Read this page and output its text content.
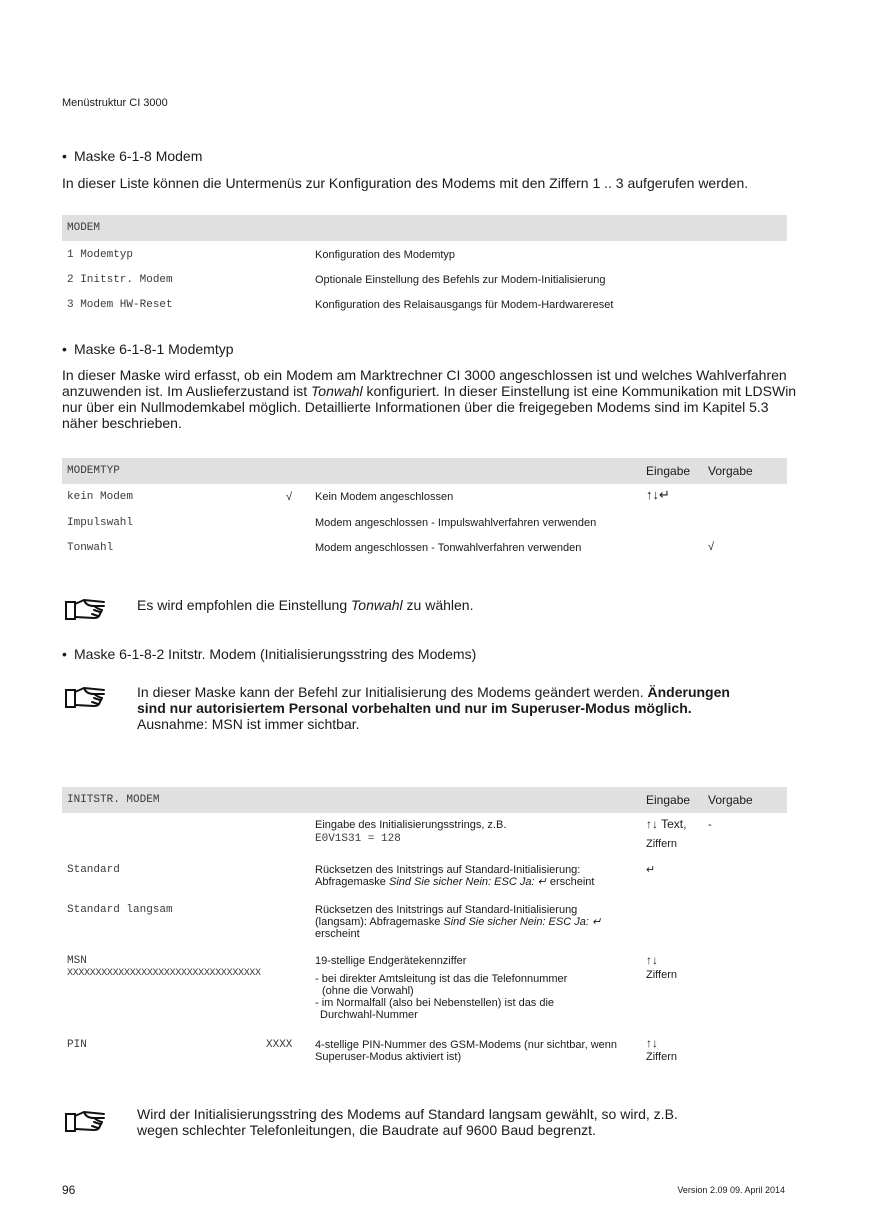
Menüstruktur CI 3000
• Maske 6-1-8 Modem
In dieser Liste können die Untermenüs zur Konfiguration des Modems mit den Ziffern 1 .. 3 aufgerufen werden.
MODEM
1 Modemtyp	Konfiguration des Modemtyp
2 Initstr. Modem	Optionale Einstellung des Befehls zur Modem-Initialisierung
3 Modem HW-Reset	Konfiguration des Relaisausgangs für Modem-Hardwarereset
• Maske 6-1-8-1 Modemtyp
In dieser Maske wird erfasst, ob ein Modem am Marktrechner CI 3000 angeschlossen ist und welches Wahlverfahren anzuwenden ist. Im Auslieferzustand ist Tonwahl konfiguriert. In dieser Einstellung ist eine Kommunikation mit LDSWin nur über ein Nullmodemkabel möglich. Detaillierte Informationen über die freigegeben Modems sind im Kapitel 5.3 näher beschrieben.
MODEMTYP	Eingabe Vorgabe
kein Modem	√ Kein Modem angeschlossen	↑↓↵
Impulswahl	Modem angeschlossen - Impulswahlverfahren verwenden
Tonwahl	Modem angeschlossen - Tonwahlverfahren verwenden	√
Es wird empfohlen die Einstellung Tonwahl zu wählen.
• Maske 6-1-8-2 Initstr. Modem (Initialisierungsstring des Modems)
In dieser Maske kann der Befehl zur Initialisierung des Modems geändert werden. Änderungen sind nur autorisiertem Personal vorbehalten und nur im Superuser-Modus möglich.
Ausnahme: MSN ist immer sichtbar.
INITSTR. MODEM	Eingabe Vorgabe
Eingabe des Initialisierungsstrings, z.B.
E0V1S31 = 128
↑↓ Text,
Ziffern
-
Standard	Rücksetzen des Initstrings auf Standard-Initialisierung: Abfragemaske Sind Sie sicher Nein: ESC Ja: ↵ erscheint
↵
Standard langsam	Rücksetzen des Initstrings auf Standard-Initialisierung (langsam): Abfragemaske Sind Sie sicher Nein: ESC Ja: ↵ erscheint
MSN
XXXXXXXXXXXXXXXXXXXXXXXXXXXXXXXXXX
19-stellige Endgerätekennziffer
- bei direkter Amtsleitung ist das die Telefonnummer
(ohne die Vorwahl)
- im Normalfall (also bei Nebenstellen) ist das die
Durchwahl-Nummer
↑↓
Ziffern
PIN	XXXX 4-stellige PIN-Nummer des GSM-Modems (nur sichtbar, wenn Superuser-Modus aktiviert ist)
↑↓
Ziffern
Wird der Initialisierungsstring des Modems auf Standard langsam gewählt, so wird, z.B. wegen schlechter Telefonleitungen, die Baudrate auf 9600 Baud begrenzt.
96	Version 2.09 09. April 2014
